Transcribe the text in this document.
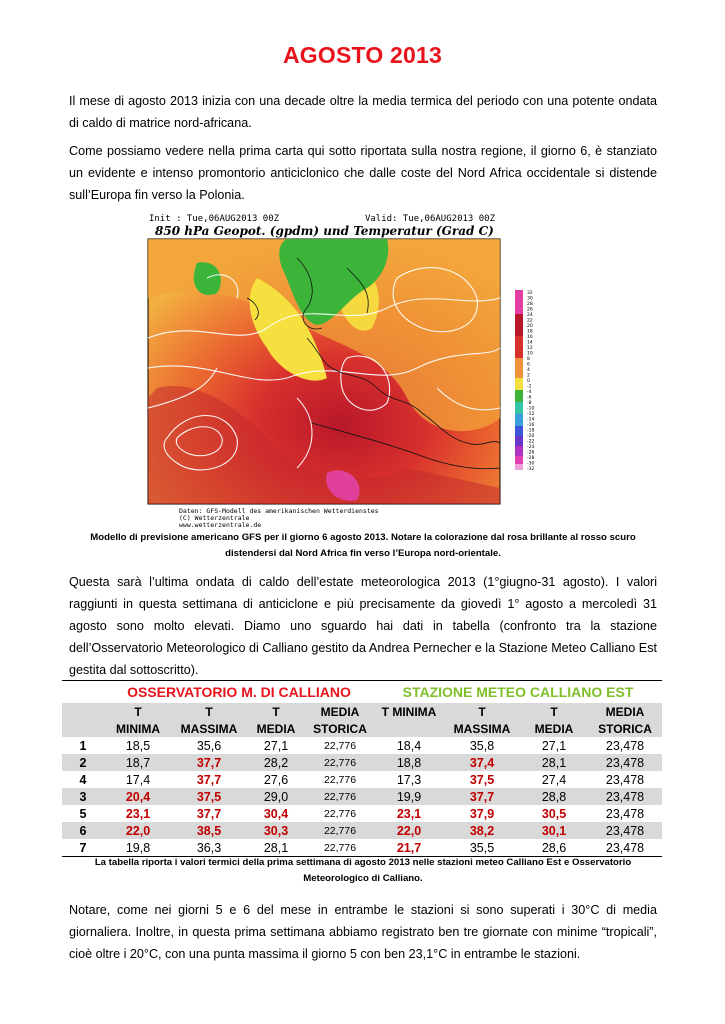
AGOSTO 2013

Il mese di agosto 2013 inizia con una decade oltre la media termica del periodo con una potente ondata di caldo di matrice nord-africana.

Come possiamo vedere nella prima carta qui sotto riportata sulla nostra regione, il giorno 6, è stanziato un evidente e intenso promontorio anticiclonico che dalle coste del Nord Africa occidentale si distende sull’Europa fin verso la Polonia.

Init : Tue,06AUG2013 00Z	Valid: Tue,06AUG2013 00Z
850 hPa Geopot. (gpdm) und Temperatur (Grad C)
32
30
28
26
24
22
20
18
16
14
12
10
8
6
4
2
0
-2
-4
-6
-8
-10
-12
-14
-16
-18
-20
-22
-24
-26
-28
-30
-32
Daten: GFS-Modell des amerikanischen Wetterdienstes
(C) Wetterzentrale
www.wetterzentrale.de
Modello di previsione americano GFS per il giorno 6 agosto 2013. Notare la colorazione dal rosa brillante al rosso scuro distendersi dal Nord Africa fin verso l’Europa nord-orientale.

Questa sarà l’ultima ondata di caldo dell’estate meteorologica 2013 (1°giugno-31 agosto). I valori raggiunti in questa settimana di anticiclone e più precisamente da giovedì 1° agosto a mercoledì 31 agosto sono molto elevati. Diamo uno sguardo hai dati in tabella (confronto tra la stazione dell’Osservatorio Meteorologico di Calliano gestito da Andrea Pernecher e la Stazione Meteo Calliano Est gestita dal sottoscritto).

	OSSERVATORIO M. DI CALLIANO				STAZIONE METEO CALLIANO EST			
	T	T	T	MEDIA	T MINIMA	T	T	MEDIA
	MINIMA	MASSIMA	MEDIA	STORICA		MASSIMA	MEDIA	STORICA
1	18,5	35,6	27,1	22,776	18,4	35,8	27,1	23,478
2	18,7	37,7	28,2	22,776	18,8	37,4	28,1	23,478
4	17,4	37,7	27,6	22,776	17,3	37,5	27,4	23,478
3	20,4	37,5	29,0	22,776	19,9	37,7	28,8	23,478
5	23,1	37,7	30,4	22,776	23,1	37,9	30,5	23,478
6	22,0	38,5	30,3	22,776	22,0	38,2	30,1	23,478
7	19,8	36,3	28,1	22,776	21,7	35,5	28,6	23,478
La tabella riporta i valori termici della prima settimana di agosto 2013 nelle stazioni meteo Calliano Est e Osservatorio Meteorologico di Calliano.

Notare, come nei giorni 5 e 6 del mese in entrambe le stazioni si sono superati i 30°C di media giornaliera. Inoltre, in questa prima settimana abbiamo registrato ben tre giornate con minime “tropicali”, cioè oltre i 20°C, con una punta massima il giorno 5 con ben 23,1°C in entrambe le stazioni.
